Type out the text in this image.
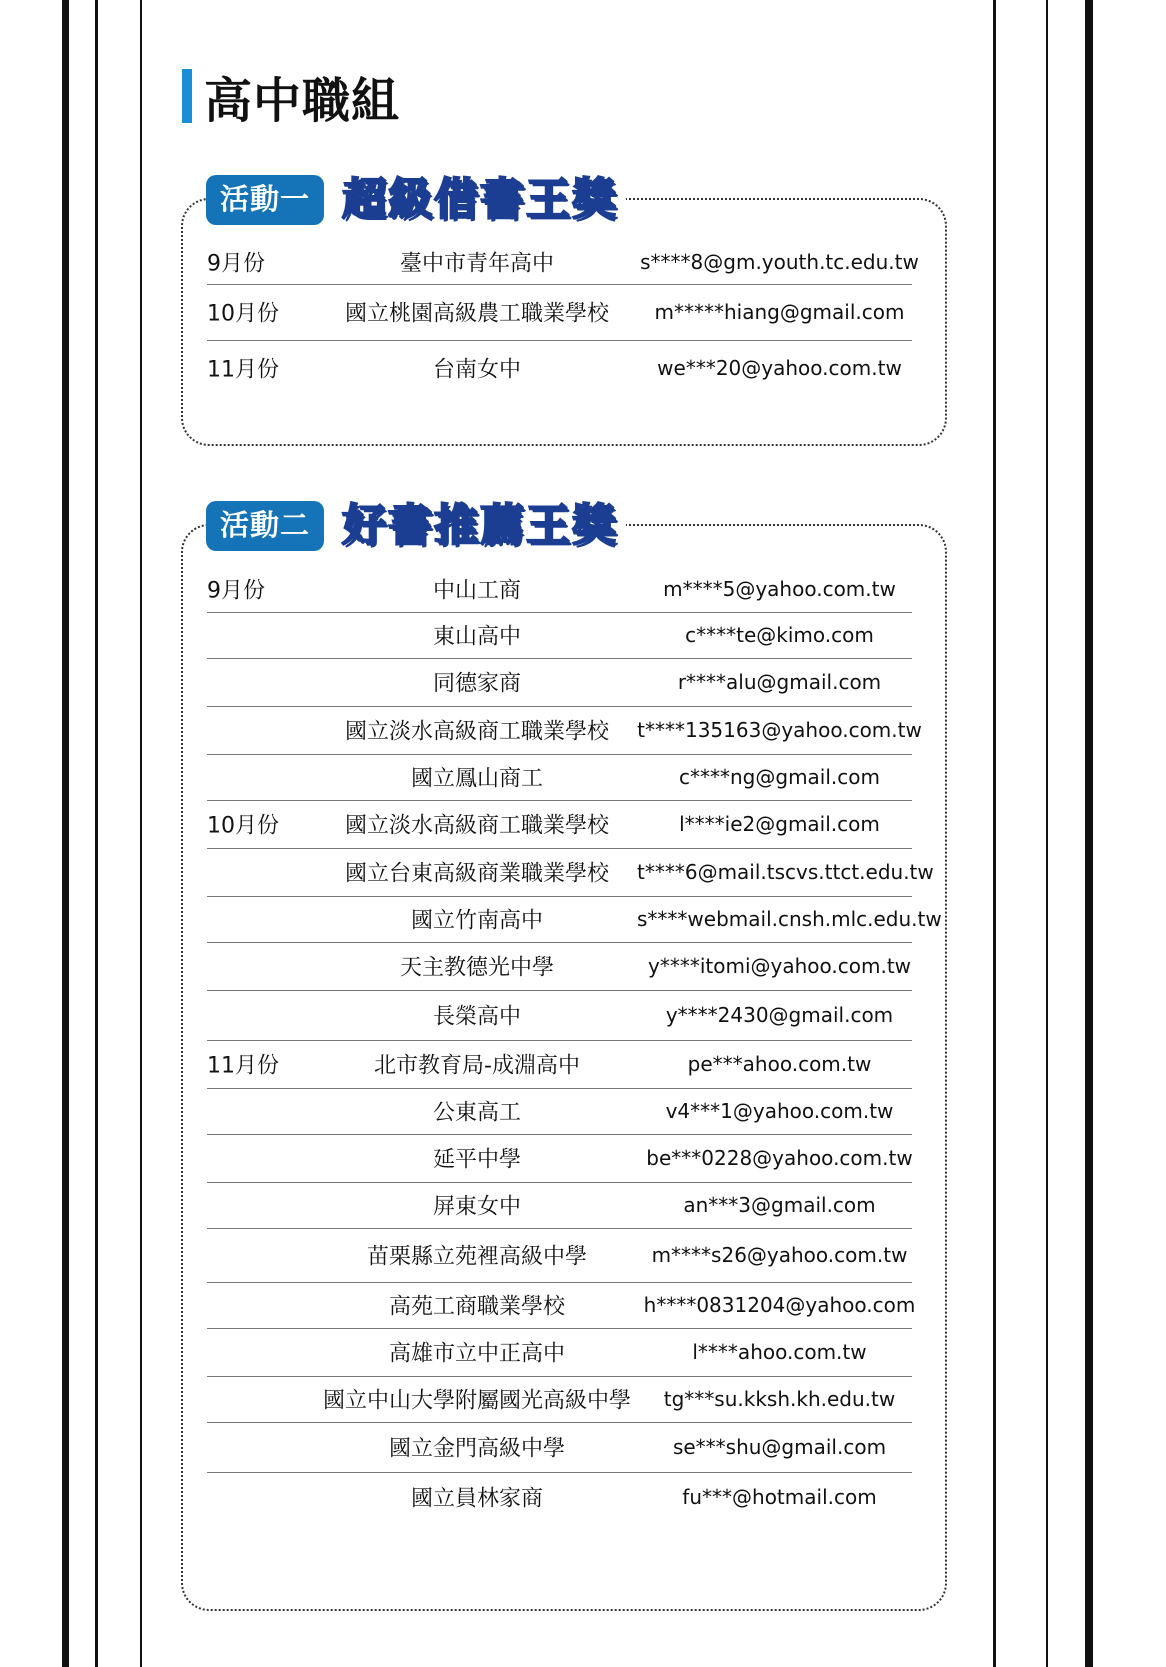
高中職組
活動一 超級借書王獎
9月份	臺中市青年高中	s****8@gm.youth.tc.edu.tw
10月份	國立桃園高級農工職業學校	m*****hiang@gmail.com
11月份	台南女中	we***20@yahoo.com.tw
活動二 好書推薦王獎
9月份	中山工商	m****5@yahoo.com.tw
東山高中	c****te@kimo.com
同德家商	r****alu@gmail.com
國立淡水高級商工職業學校	t****135163@yahoo.com.tw
國立鳳山商工	c****ng@gmail.com
10月份	國立淡水高級商工職業學校	l****ie2@gmail.com
國立台東高級商業職業學校	t****6@mail.tscvs.ttct.edu.tw
國立竹南高中	s****webmail.cnsh.mlc.edu.tw
天主教德光中學	y****itomi@yahoo.com.tw
長榮高中	y****2430@gmail.com
11月份	北市教育局-成淵高中	pe***ahoo.com.tw
公東高工	v4***1@yahoo.com.tw
延平中學	be***0228@yahoo.com.tw
屏東女中	an***3@gmail.com
苗栗縣立苑裡高級中學	m****s26@yahoo.com.tw
高苑工商職業學校	h****0831204@yahoo.com
高雄市立中正高中	l****ahoo.com.tw
國立中山大學附屬國光高級中學	tg***su.kksh.kh.edu.tw
國立金門高級中學	se***shu@gmail.com
國立員林家商	fu***@hotmail.com
